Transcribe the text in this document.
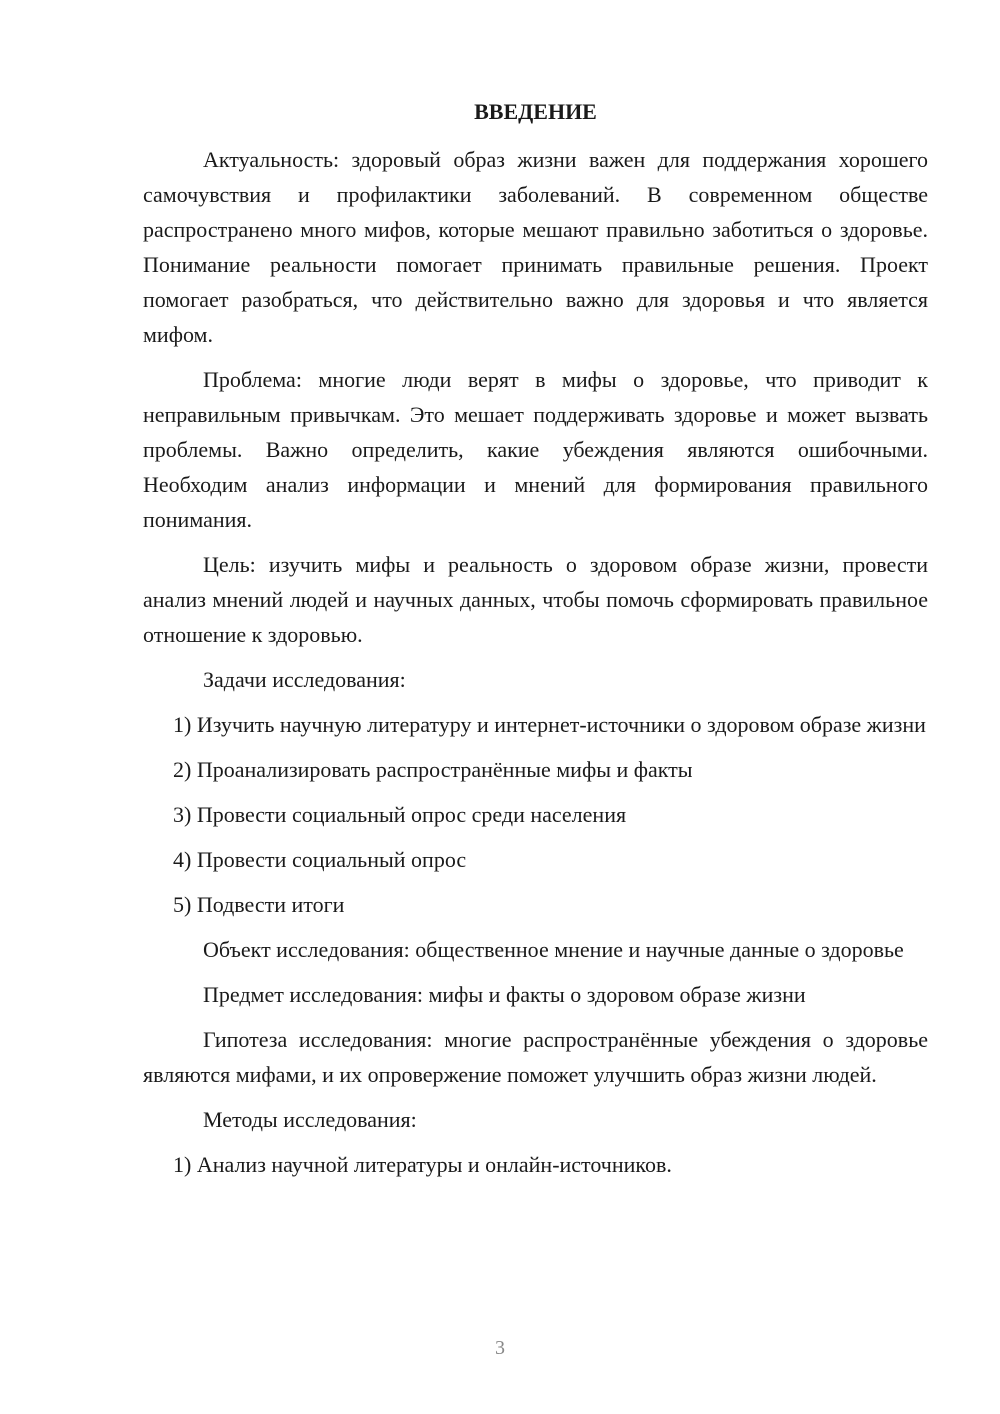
ВВЕДЕНИЕ

Актуальность: здоровый образ жизни важен для поддержания хорошего самочувствия и профилактики заболеваний. В современном обществе распространено много мифов, которые мешают правильно заботиться о здоровье. Понимание реальности помогает принимать правильные решения. Проект помогает разобраться, что действительно важно для здоровья и что является мифом.

Проблема: многие люди верят в мифы о здоровье, что приводит к неправильным привычкам. Это мешает поддерживать здоровье и может вызвать проблемы. Важно определить, какие убеждения являются ошибочными. Необходим анализ информации и мнений для формирования правильного понимания.

Цель: изучить мифы и реальность о здоровом образе жизни, провести анализ мнений людей и научных данных, чтобы помочь сформировать правильное отношение к здоровью.

Задачи исследования:

1) Изучить научную литературу и интернет-источники о здоровом образе жизни

2) Проанализировать распространённые мифы и факты

3) Провести социальный опрос среди населения

4) Провести социальный опрос

5) Подвести итоги

Объект исследования: общественное мнение и научные данные о здоровье

Предмет исследования: мифы и факты о здоровом образе жизни

Гипотеза исследования: многие распространённые убеждения о здоровье являются мифами, и их опровержение поможет улучшить образ жизни людей.

Методы исследования:

1) Анализ научной литературы и онлайн-источников.

3
